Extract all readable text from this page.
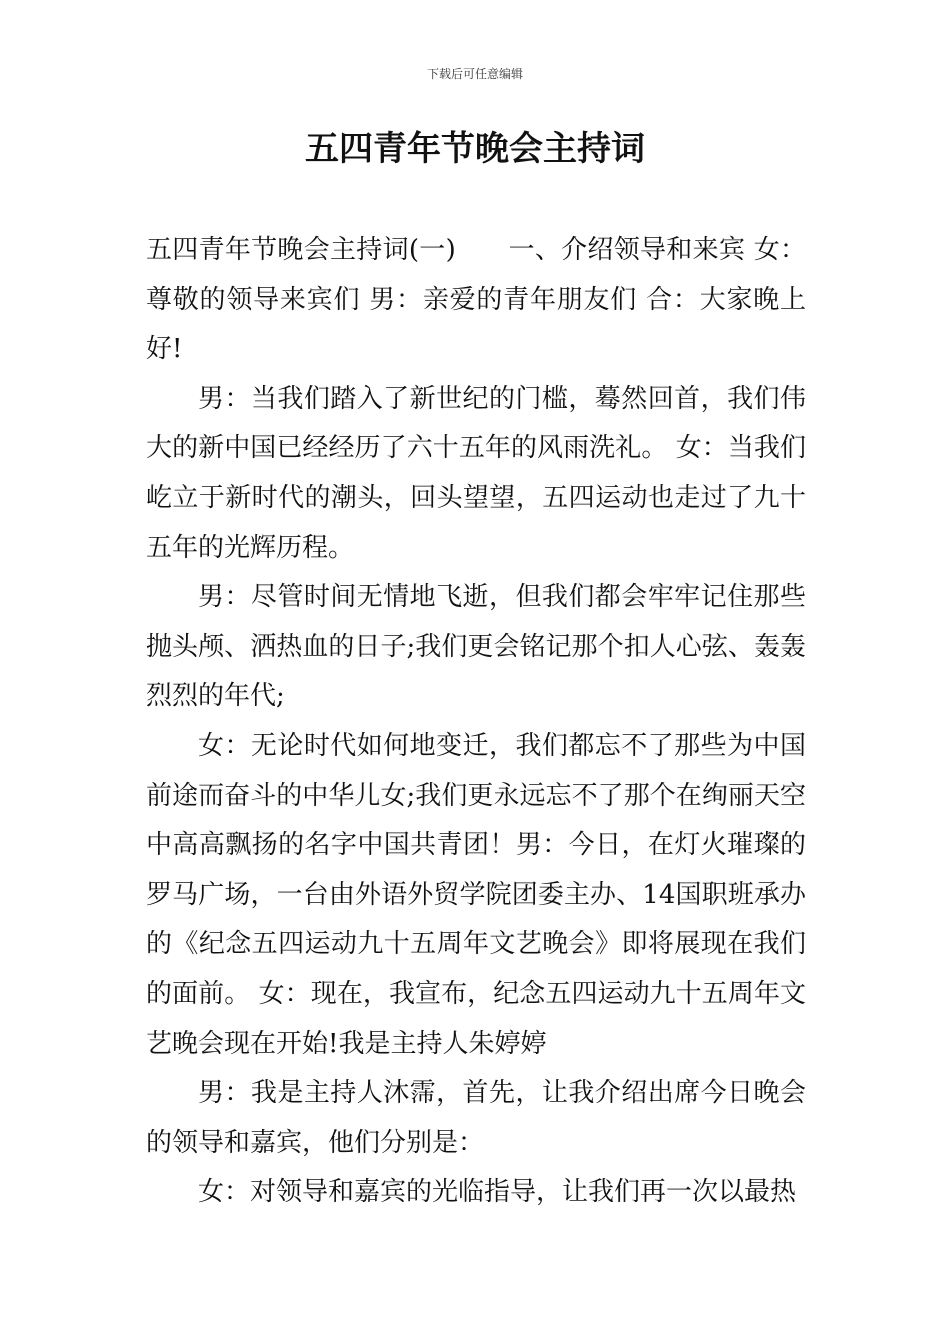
下载后可任意编辑
五四青年节晚会主持词

五四青年节晚会主持词(一)　　一、介绍领导和来宾 女：尊敬的领导来宾们 男：亲爱的青年朋友们 合：大家晚上好!

男：当我们踏入了新世纪的门槛，蓦然回首，我们伟大的新中国已经经历了六十五年的风雨洗礼。 女：当我们屹立于新时代的潮头，回头望望，五四运动也走过了九十五年的光辉历程。

男：尽管时间无情地飞逝，但我们都会牢牢记住那些抛头颅、洒热血的日子;我们更会铭记那个扣人心弦、轰轰烈烈的年代;

女：无论时代如何地变迁，我们都忘不了那些为中国前途而奋斗的中华儿女;我们更永远忘不了那个在绚丽天空中高高飘扬的名字中国共青团！男：今日，在灯火璀璨的罗马广场，一台由外语外贸学院团委主办、14国职班承办的《纪念五四运动九十五周年文艺晚会》即将展现在我们的面前。 女：现在，我宣布，纪念五四运动九十五周年文艺晚会现在开始!我是主持人朱婷婷

男：我是主持人沐霈，首先，让我介绍出席今日晚会的领导和嘉宾，他们分别是：

女：对领导和嘉宾的光临指导，让我们再一次以最热
